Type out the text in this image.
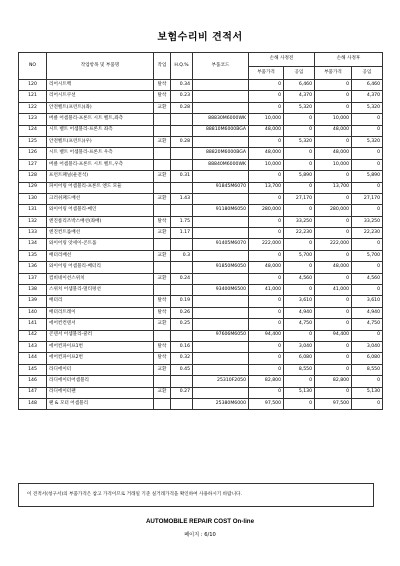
보험수리비 견적서
NO	작업항목 및 부품명	작업	H.Q.%	부품코드	손해 사정전		손해 사정후	
					부품가격	공임	부품가격	공임
120	리어시트백	탈착	0.34		0	6,460	0	6,460
121	리어시트쿠션	탈착	0.23		0	4,370	0	4,370
122	안전벨트(프런트)(좌)	교환	0.28		0	5,320	0	5,320
123	버클 어셈블리-프론트 시트 벨트,좌측			88830M6000WK	10,000	0	10,000	0
124	시트 벨트 어셈블리-프론트 좌측			88810M6000BGA	48,000	0	48,000	0
125	안전벨트(프런트)(우)	교환	0.28		0	5,320	0	5,320
126	시트 벨트 어셈블리-프론트 우측			88820M6000BGA	48,000	0	48,000	0
127	버클 어셈블리-프론트 시트 벨트,우측			88840M6000WK	10,000	0	10,000	0
128	프런트패널(운전석)	교환	0.31		0	5,890	0	5,890
129	파이어링 어셈블리-프론트 엔드 모듈			91845M6070	13,700	0	13,700	0
130	크러쉬패드배선	교환	1.43		0	27,170	0	27,170
131	와이어링 어셈블리-메인			91180M6050	280,000	0	280,000	0
132	엔진룸리즈박스배선(좌배)	탈착	1.75		0	33,250	0	33,250
133	엔진컨트롤배선	교환	1.17		0	22,230	0	22,230
134	와이어링 앗세이-콘트롤			91405M6070	222,000	0	222,000	0
135	배터리배선	교환	0.3		0	5,700	0	5,700
136	와이어링 어셈블리-배터리			91850M6050	48,000	0	48,000	0
137	컴비네이션스위치	교환	0.24		0	4,560	0	4,560
138	스위치 어셈블리-멀티펑션			93400M6500	41,000	0	41,000	0
139	배터리	탈착	0.19		0	3,610	0	3,610
140	배터리트레이	탈착	0.26		0	4,940	0	4,940
141	에어컨컨덴서	교환	0.25		0	4,750	0	4,750
142	콘덴서 어셈블리-쿨러			97606M6050	94,400	0	94,400	0
143	에어컨파이프1번	탈착	0.16		0	3,040	0	3,040
144	에어컨파이프2번	탈착	0.32		0	6,080	0	6,080
145	라디에이터	교환	0.45		0	8,550	0	8,550
146	라디에이터어셈블리			25310F2050	82,800	0	82,800	0
147	라디에이터팬	교환	0.27		0	5,130	0	5,130
148	팬 & 모터 어셈블리			25380M6000	97,500	0	97,500	0
이 견적서(청구서)의 부품가격은 참고 가격이므로 거래일 기준 실거래가격을 확인하여 사용하시기 바랍니다.
AUTOMOBILE REPAIR COST On-line
페이지 : 6/10
